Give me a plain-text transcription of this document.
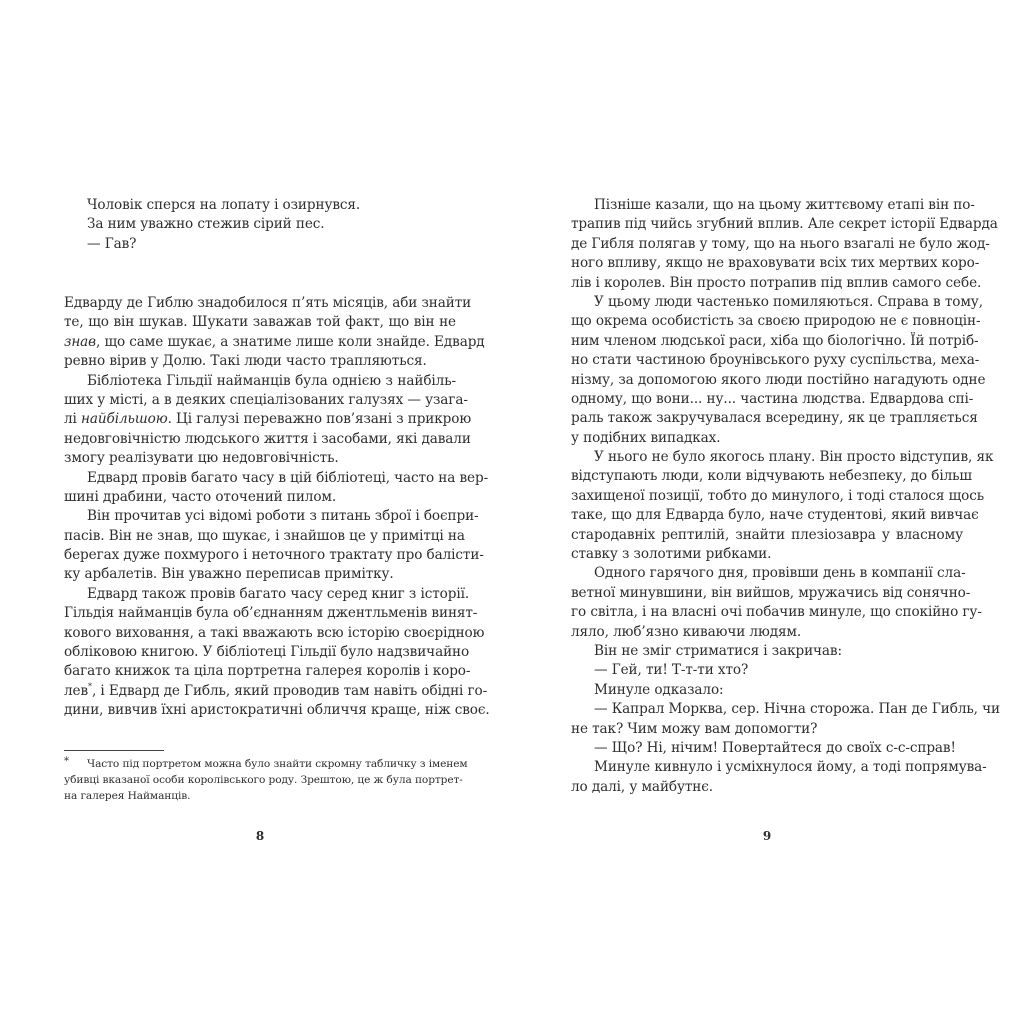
Чоловік сперся на лопату і озирнувся.
За ним уважно стежив сірий пес.
— Гав?
Едварду де Гиблю знадобилося п’ять місяців, аби знайти
те, що він шукав. Шукати заважав той факт, що він не
знав, що саме шукає, а знатиме лише коли знайде. Едвард
ревно вірив у Долю. Такі люди часто трапляються.
Бібліотека Гільдії найманців була однією з найбіль-
ших у місті, а в деяких спеціалізованих галузях — узага-
лі найбільшою. Ці галузі переважно пов’язані з прикрою
недовговічністю людського життя і засобами, які давали
змогу реалізувати цю недовговічність.
Едвард провів багато часу в цій бібліотеці, часто на вер-
шині драбини, часто оточений пилом.
Він прочитав усі відомі роботи з питань зброї і боєпри-
пасів. Він не знав, що шукає, і знайшов це у примітці на
берегах дуже похмурого і неточного трактату про балісти-
ку арбалетів. Він уважно переписав примітку.
Едвард також провів багато часу серед книг з історії.
Гільдія найманців була об’єднанням джентльменів винят-
кового виховання, а такі вважають всю історію своєрідною
обліковою книгою. У бібліотеці Гільдії було надзвичайно
багато книжок та ціла портретна галерея королів і коро-
лев*, і Едвард де Гибль, який проводив там навіть обідні го-
дини, вивчив їхні аристократичні обличчя краще, ніж своє.
*	Часто під портретом можна було знайти скромну табличку з іменем
убивці вказаної особи королівського роду. Зрештою, це ж була портрет-
на галерея Найманців.
8
Пізніше казали, що на цьому життєвому етапі він по-
трапив під чийсь згубний вплив. Але секрет історії Едварда
де Гибля полягав у тому, що на нього взагалі не було жод-
ного впливу, якщо не враховувати всіх тих мертвих коро-
лів і королев. Він просто потрапив під вплив самого себе.
У цьому люди частенько помиляються. Справа в тому,
що окрема особистість за своєю природою не є повноцін-
ним членом людської раси, хіба що біологічно. Їй потріб-
но стати частиною броунівського руху суспільства, меха-
нізму, за допомогою якого люди постійно нагадують одне
одному, що вони... ну... частина людства. Едвардова спі-
раль також закручувалася всередину, як це трапляється
у подібних випадках.
У нього не було якогось плану. Він просто відступив, як
відступають люди, коли відчувають небезпеку, до більш
захищеної позиції, тобто до минулого, і тоді сталося щось
таке, що для Едварда було, наче студентові, який вивчає
стародавніх рептилій, знайти плезіозавра у власному
ставку з золотими рибками.
Одного гарячого дня, провівши день в компанії сла-
ветної минувшини, він вийшов, мружачись від сонячно-
го світла, і на власні очі побачив минуле, що спокійно гу-
ляло, люб’язно киваючи людям.
Він не зміг стриматися і закричав:
— Гей, ти! Т-т-ти хто?
Минуле одказало:
— Капрал Морква, сер. Нічна сторожа. Пан де Гибль, чи
не так? Чим можу вам допомогти?
— Що? Ні, нічим! Повертайтеся до своїх с-с-справ!
Минуле кивнуло і усміхнулося йому, а тоді попрямува-
ло далі, у майбутнє.
9
